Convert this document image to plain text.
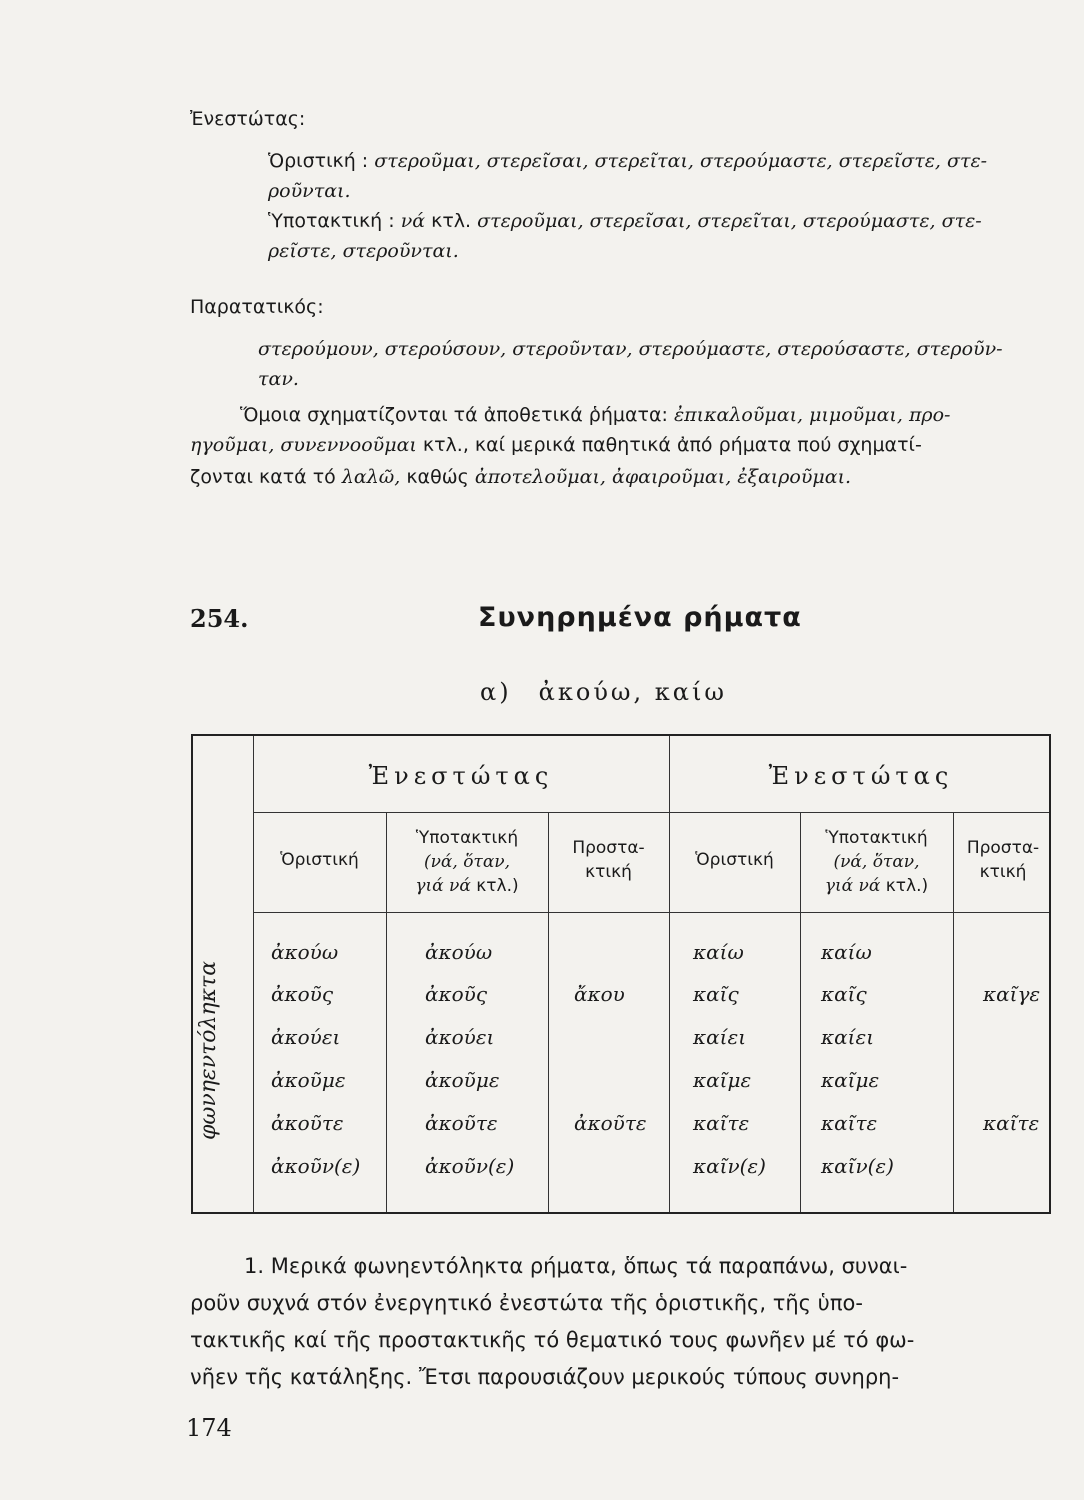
Ἐνεστώτας:
Ὁριστική : στεροῦμαι, στερεῖσαι, στερεῖται, στερούμαστε, στερεῖστε, στε-
ροῦνται.
Ὑποτακτική : νά κτλ. στεροῦμαι, στερεῖσαι, στερεῖται, στερούμαστε, στε-
ρεῖστε, στεροῦνται.
Παρατατικός:
στερούμουν, στερούσουν, στεροῦνταν, στερούμαστε, στερούσαστε, στεροῦν-
ταν.
Ὅμοια σχηματίζονται τά ἀποθετικά ῥήματα: ἐπικαλοῦμαι, μιμοῦμαι, προ-
ηγοῦμαι, συνεννοοῦμαι κτλ., καί μερικά παθητικά ἀπό ρήματα πού σχηματί-
ζονται κατά τό λαλῶ, καθώς ἀποτελοῦμαι, ἀφαιροῦμαι, ἐξαιροῦμαι.
254.	Συνηρημένα ρήματα
α) ἀκούω, καίω
Ἐνεστώτας	Ἐνεστώτας
Ὁριστική
Ὑποτακτική
(νά, ὅταν,
γιά νά κτλ.)
Προστα-
κτική
Ὁριστική
Ὑποτακτική
(νά, ὅταν,
γιά νά κτλ.)
Προστα-
κτική
ἀκούω
ἀκοῦς
ἀκούει
ἀκοῦμε
ἀκοῦτε
ἀκοῦν(ε)
ἀκούω
ἀκοῦς
ἀκούει
ἀκοῦμε
ἀκοῦτε
ἀκοῦν(ε)
ἄκου
ἀκοῦτε
καίω
καῖς
καίει
καῖμε
καῖτε
καῖν(ε)
καίω
καῖς
καίει
καῖμε
καῖτε
καῖν(ε)
καῖγε
καῖτε
φωνηεντόληκτα
1. Μερικά φωνηεντόληκτα ρήματα, ὅπως τά παραπάνω, συναι-
ροῦν συχνά στόν ἐνεργητικό ἐνεστώτα τῆς ὁριστικῆς, τῆς ὑπο-
τακτικῆς καί τῆς προστακτικῆς τό θεματικό τους φωνῆεν μέ τό φω-
νῆεν τῆς κατάληξης. Ἔτσι παρουσιάζουν μερικούς τύπους συνηρη-
174
